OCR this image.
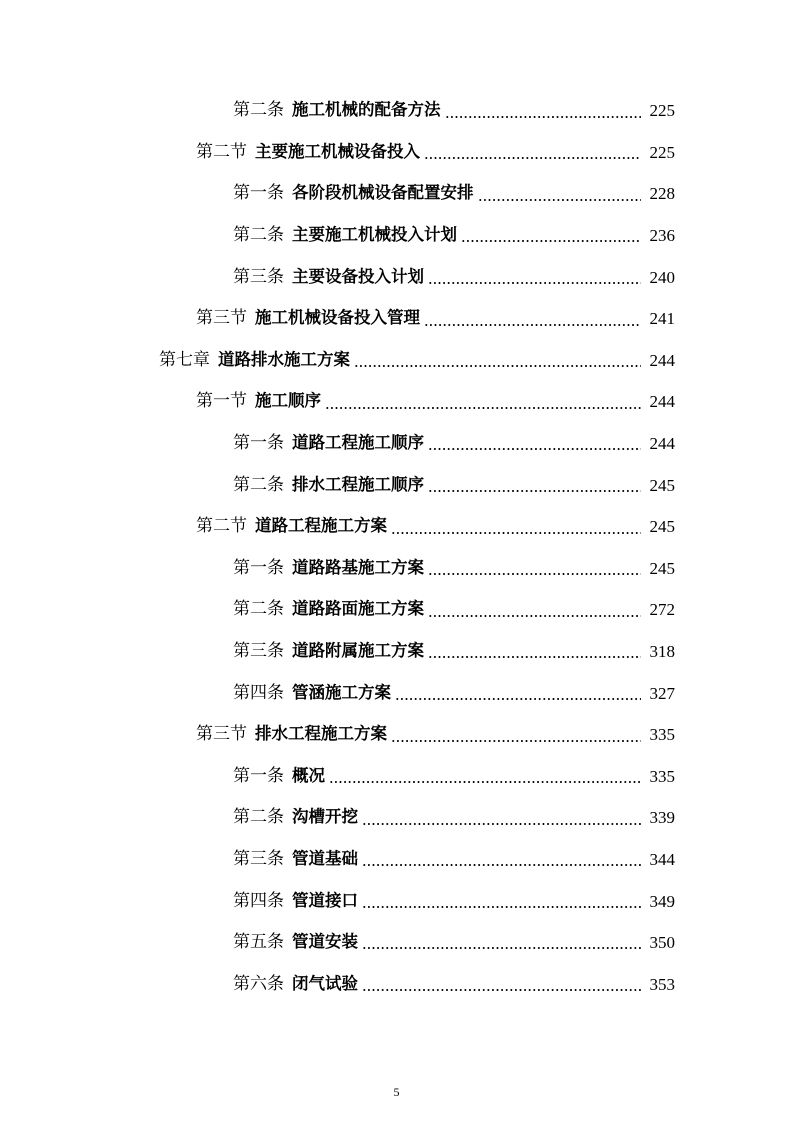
第二条 施工机械的配备方法	225
第二节 主要施工机械设备投入	225
第一条 各阶段机械设备配置安排	228
第二条 主要施工机械投入计划	236
第三条 主要设备投入计划	240
第三节 施工机械设备投入管理	241
第七章 道路排水施工方案	244
第一节 施工顺序	244
第一条 道路工程施工顺序	244
第二条 排水工程施工顺序	245
第二节 道路工程施工方案	245
第一条 道路路基施工方案	245
第二条 道路路面施工方案	272
第三条 道路附属施工方案	318
第四条 管涵施工方案	327
第三节 排水工程施工方案	335
第一条 概况	335
第二条 沟槽开挖	339
第三条 管道基础	344
第四条 管道接口	349
第五条 管道安装	350
第六条 闭气试验	353
5
